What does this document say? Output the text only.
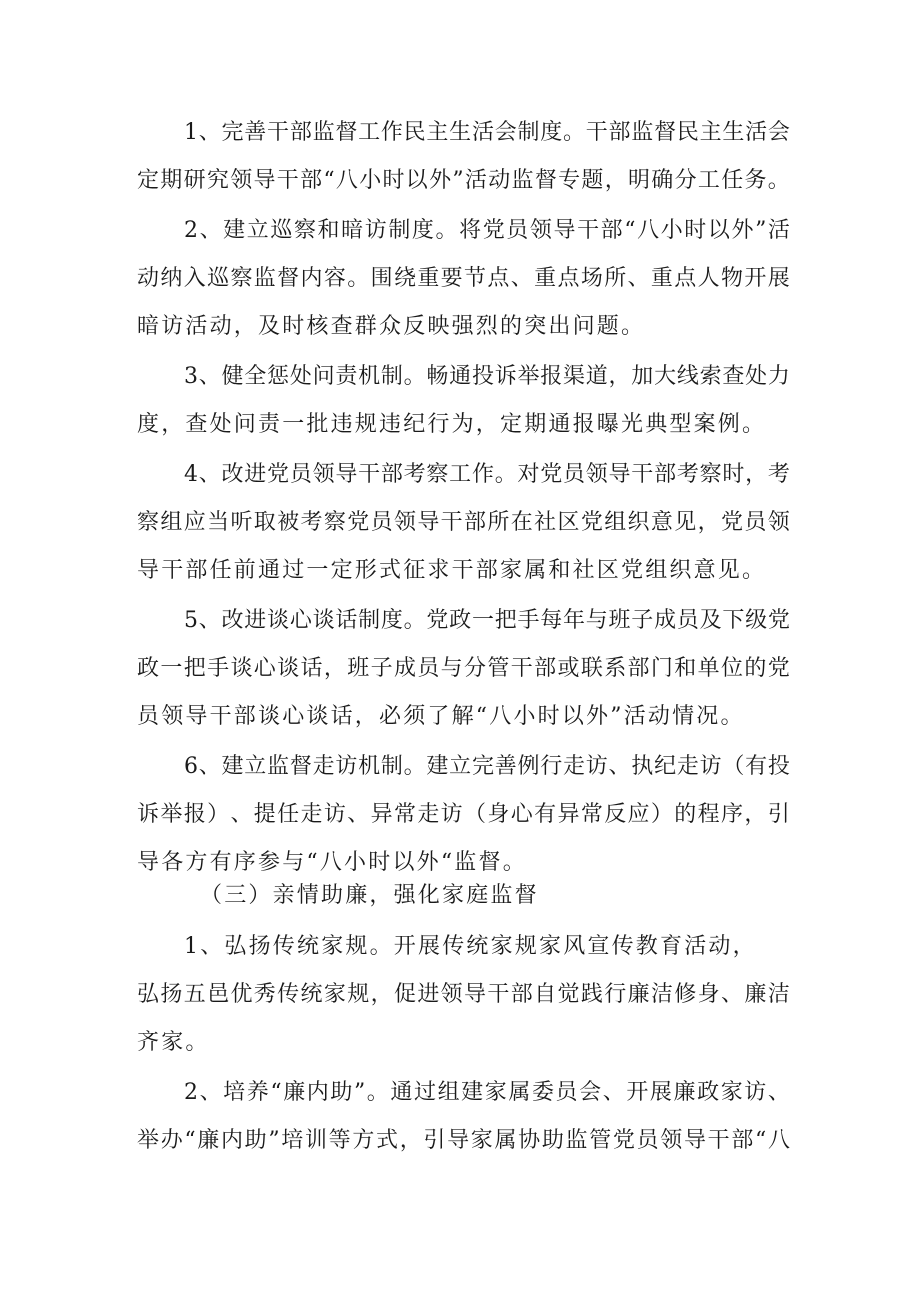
1 、 完 善 干 部 监 督 工 作 民 主 生 活 会 制 度 。 干 部 监 督 民 主 生 活 会
定 期 研 究 领 导 干 部 “ 八 小 时 以 外 ” 活 动 监 督 专 题 ， 明 确 分 工 任 务 。
2 、 建 立 巡 察 和 暗 访 制 度 。 将 党 员 领 导 干 部 “ 八 小 时 以 外 ” 活
动 纳 入 巡 察 监 督 内 容 。 围 绕 重 要 节 点 、 重 点 场 所 、 重 点 人 物 开 展
暗访活动，及时核查群众反映强烈的突出问题。
3 、 健 全 惩 处 问 责 机 制 。 畅 通 投 诉 举 报 渠 道 ， 加 大 线 索 查 处 力
度，查处问责一批违规违纪行为，定期通报曝光典型案例。
4 、 改 进 党 员 领 导 干 部 考 察 工 作 。 对 党 员 领 导 干 部 考 察 时 ， 考
察 组 应 当 听 取 被 考 察 党 员 领 导 干 部 所 在 社 区 党 组 织 意 见 ， 党 员 领
导干部任前通过一定形式征求干部家属和社区党组织意见。
5 、 改 进 谈 心 谈 话 制 度 。 党 政 一 把 手 每 年 与 班 子 成 员 及 下 级 党
政 一 把 手 谈 心 谈 话 ， 班 子 成 员 与 分 管 干 部 或 联 系 部 门 和 单 位 的 党
员领导干部谈心谈话，必须了解“八小时以外”活动情况。
6 、 建 立 监 督 走 访 机 制 。 建 立 完 善 例 行 走 访 、 执 纪 走 访 （ 有 投
诉 举 报 ） 、 提 任 走 访 、 异 常 走 访 （ 身 心 有 异 常 反 应 ） 的 程 序 ， 引
导各方有序参与“八小时以外“监督。
（三）亲情助廉，强化家庭监督
1、弘扬传统家规。开展传统家规家风宣传教育活动，
弘 扬 五 邑 优 秀 传 统 家 规 ， 促 进 领 导 干 部 自 觉 践 行 廉 洁 修 身 、 廉 洁
齐家。
2 、 培 养 “ 廉 内 助 ” 。 通 过 组 建 家 属 委 员 会 、 开 展 廉 政 家 访 、
举 办 “ 廉 内 助 ” 培 训 等 方 式 ， 引 导 家 属 协 助 监 管 党 员 领 导 干 部 “ 八
